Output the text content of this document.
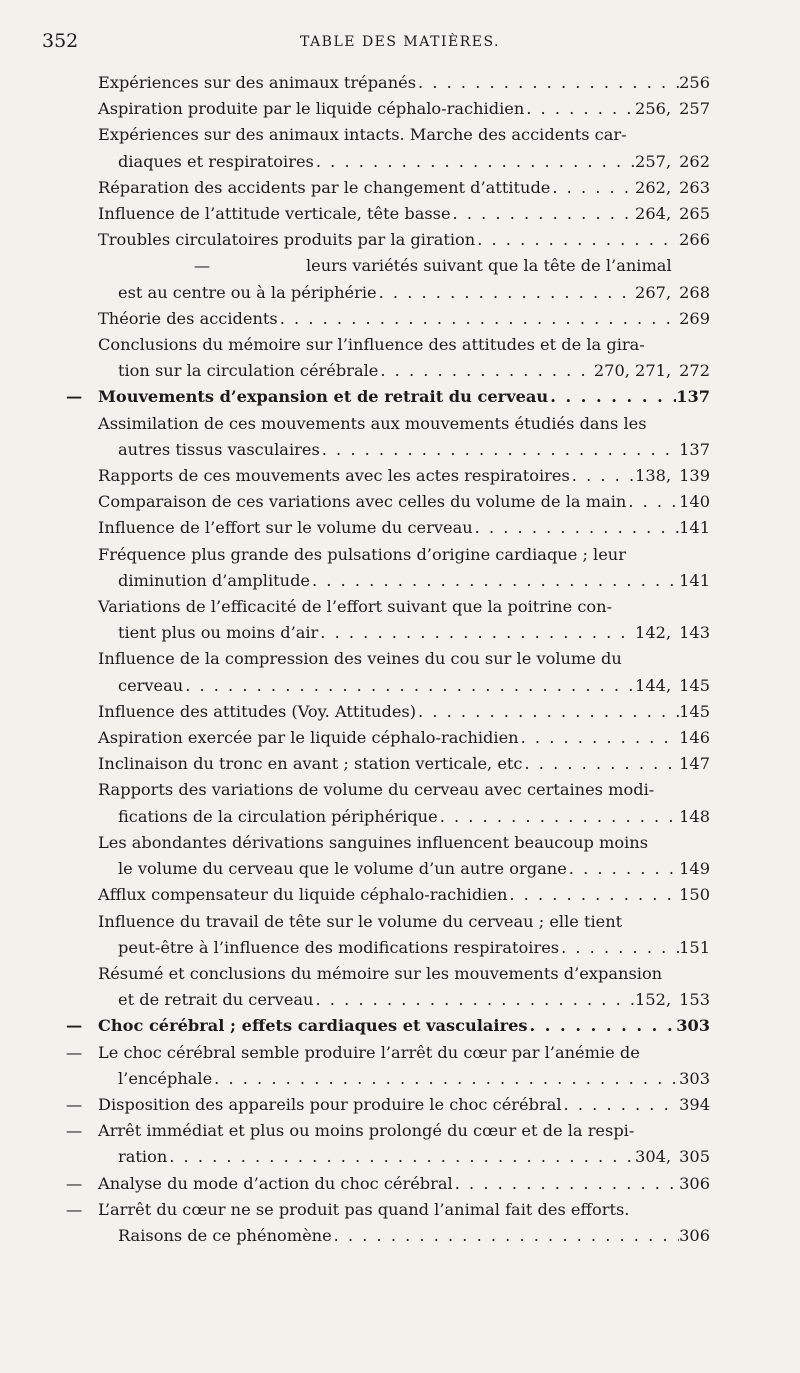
352	TABLE DES MATIÈRES.
Expériences sur des animaux trépanés . . .	256
Aspiration produite par le liquide céphalo-rachidien . . .	256, 257
Expériences sur des animaux intacts. Marche des accidents car-
diaques et respiratoires . . .	257, 262
Réparation des accidents par le changement d’attitude . . .	262, 263
Influence de l’attitude verticale, tête basse . . .	264, 265
Troubles circulatoires produits par la giration . . .	266
—	leurs variétés suivant que la tête de l’animal
est au centre ou à la périphérie . . .	267, 268
Théorie des accidents . . .	269
Conclusions du mémoire sur l’influence des attitudes et de la gira-
tion sur la circulation cérébrale . . .	270, 271, 272
— Mouvements d’expansion et de retrait du cerveau . . .	137
Assimilation de ces mouvements aux mouvements étudiés dans les
autres tissus vasculaires . . .	137
Rapports de ces mouvements avec les actes respiratoires . . .	138, 139
Comparaison de ces variations avec celles du volume de la main . . .	140
Influence de l’effort sur le volume du cerveau . . .	141
Fréquence plus grande des pulsations d’origine cardiaque ; leur
diminution d’amplitude . . .	141
Variations de l’efficacité de l’effort suivant que la poitrine con-
tient plus ou moins d’air . . .	142, 143
Influence de la compression des veines du cou sur le volume du
cerveau . . .	144, 145
Influence des attitudes (Voy. Attitudes) . . .	145
Aspiration exercée par le liquide céphalo-rachidien . . .	146
Inclinaison du tronc en avant ; station verticale, etc . . .	147
Rapports des variations de volume du cerveau avec certaines modi-
fications de la circulation périphérique . . .	148
Les abondantes dérivations sanguines influencent beaucoup moins
le volume du cerveau que le volume d’un autre organe . . .	149
Afflux compensateur du liquide céphalo-rachidien . . .	150
Influence du travail de tête sur le volume du cerveau ; elle tient
peut-être à l’influence des modifications respiratoires . . .	151
Résumé et conclusions du mémoire sur les mouvements d’expansion
et de retrait du cerveau . . .	152, 153
— Choc cérébral ; effets cardiaques et vasculaires . . .	303
— Le choc cérébral semble produire l’arrêt du cœur par l’anémie de
l’encéphale . . .	303
— Disposition des appareils pour produire le choc cérébral . . .	394
— Arrêt immédiat et plus ou moins prolongé du cœur et de la respi-
ration . . .	304, 305
— Analyse du mode d’action du choc cérébral . . .	306
— L’arrêt du cœur ne se produit pas quand l’animal fait des efforts.
Raisons de ce phénomène . . .	306
